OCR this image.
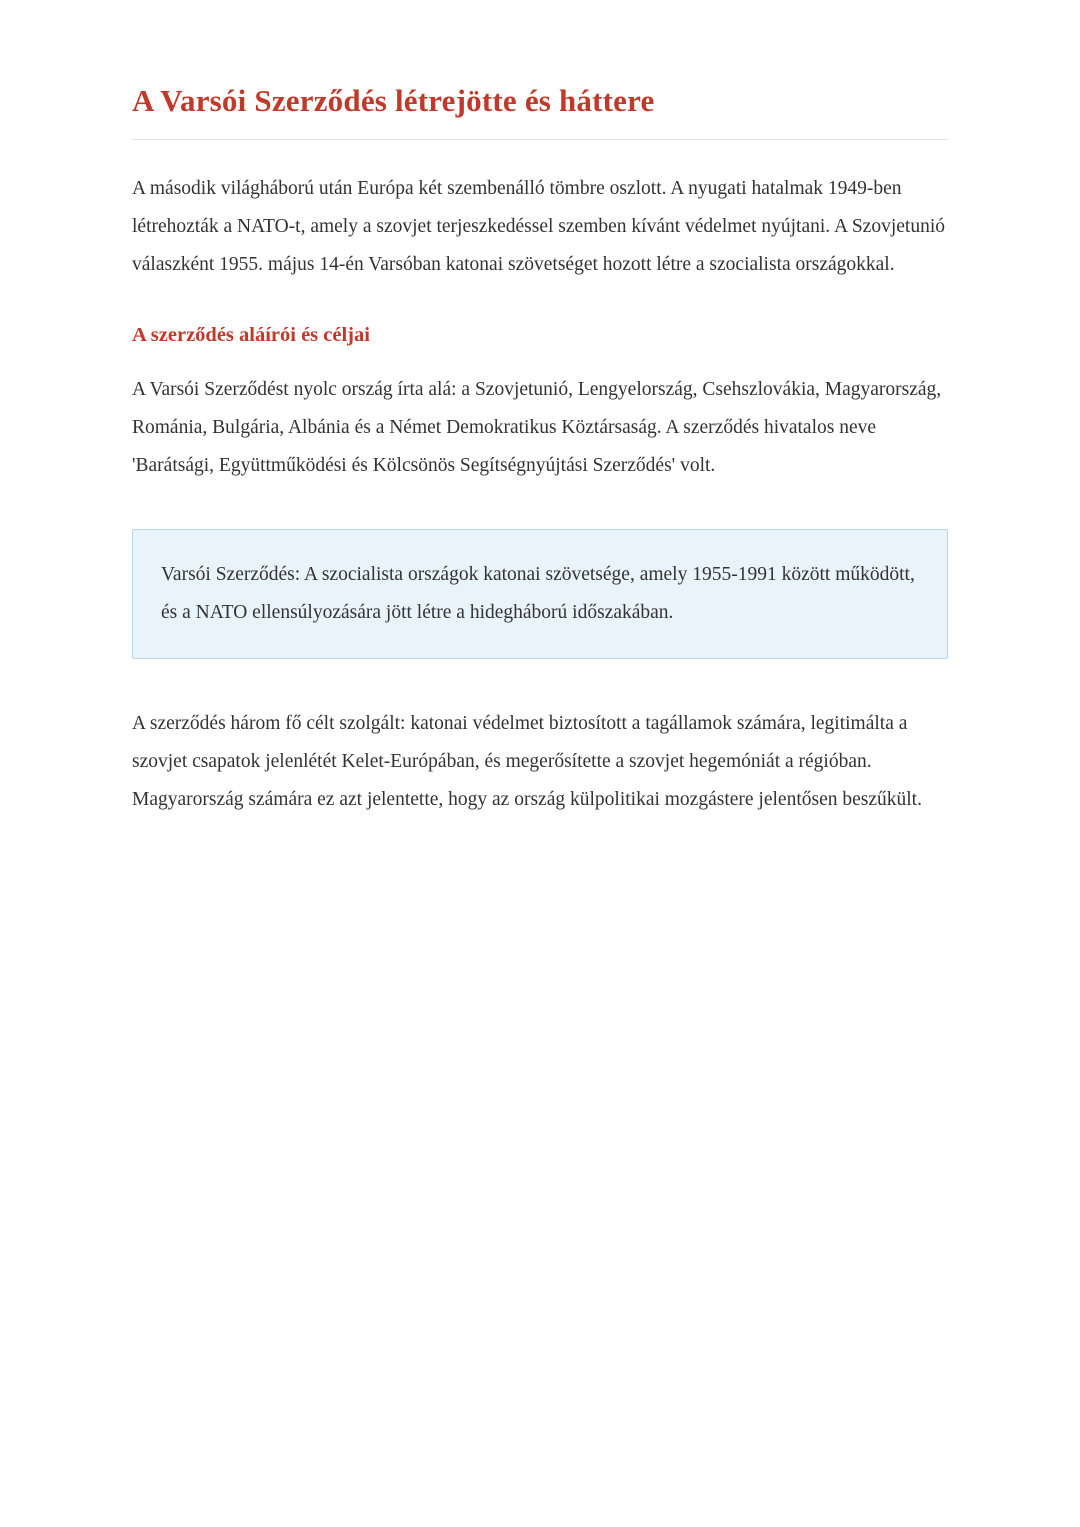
A Varsói Szerződés létrejötte és háttere

A második világháború után Európa két szembenálló tömbre oszlott. A nyugati hatalmak 1949-ben létrehozták a NATO-t, amely a szovjet terjeszkedéssel szemben kívánt védelmet nyújtani. A Szovjetunió válaszként 1955. május 14-én Varsóban katonai szövetséget hozott létre a szocialista országokkal.

A szerződés aláírói és céljai

A Varsói Szerződést nyolc ország írta alá: a Szovjetunió, Lengyelország, Csehszlovákia, Magyarország, Románia, Bulgária, Albánia és a Német Demokratikus Köztársaság. A szerződés hivatalos neve 'Barátsági, Együttműködési és Kölcsönös Segítségnyújtási Szerződés' volt.

Varsói Szerződés: A szocialista országok katonai szövetsége, amely 1955-1991 között működött, és a NATO ellensúlyozására jött létre a hidegháború időszakában.

A szerződés három fő célt szolgált: katonai védelmet biztosított a tagállamok számára, legitimálta a szovjet csapatok jelenlétét Kelet-Európában, és megerősítette a szovjet hegemóniát a régióban. Magyarország számára ez azt jelentette, hogy az ország külpolitikai mozgástere jelentősen beszűkült.
